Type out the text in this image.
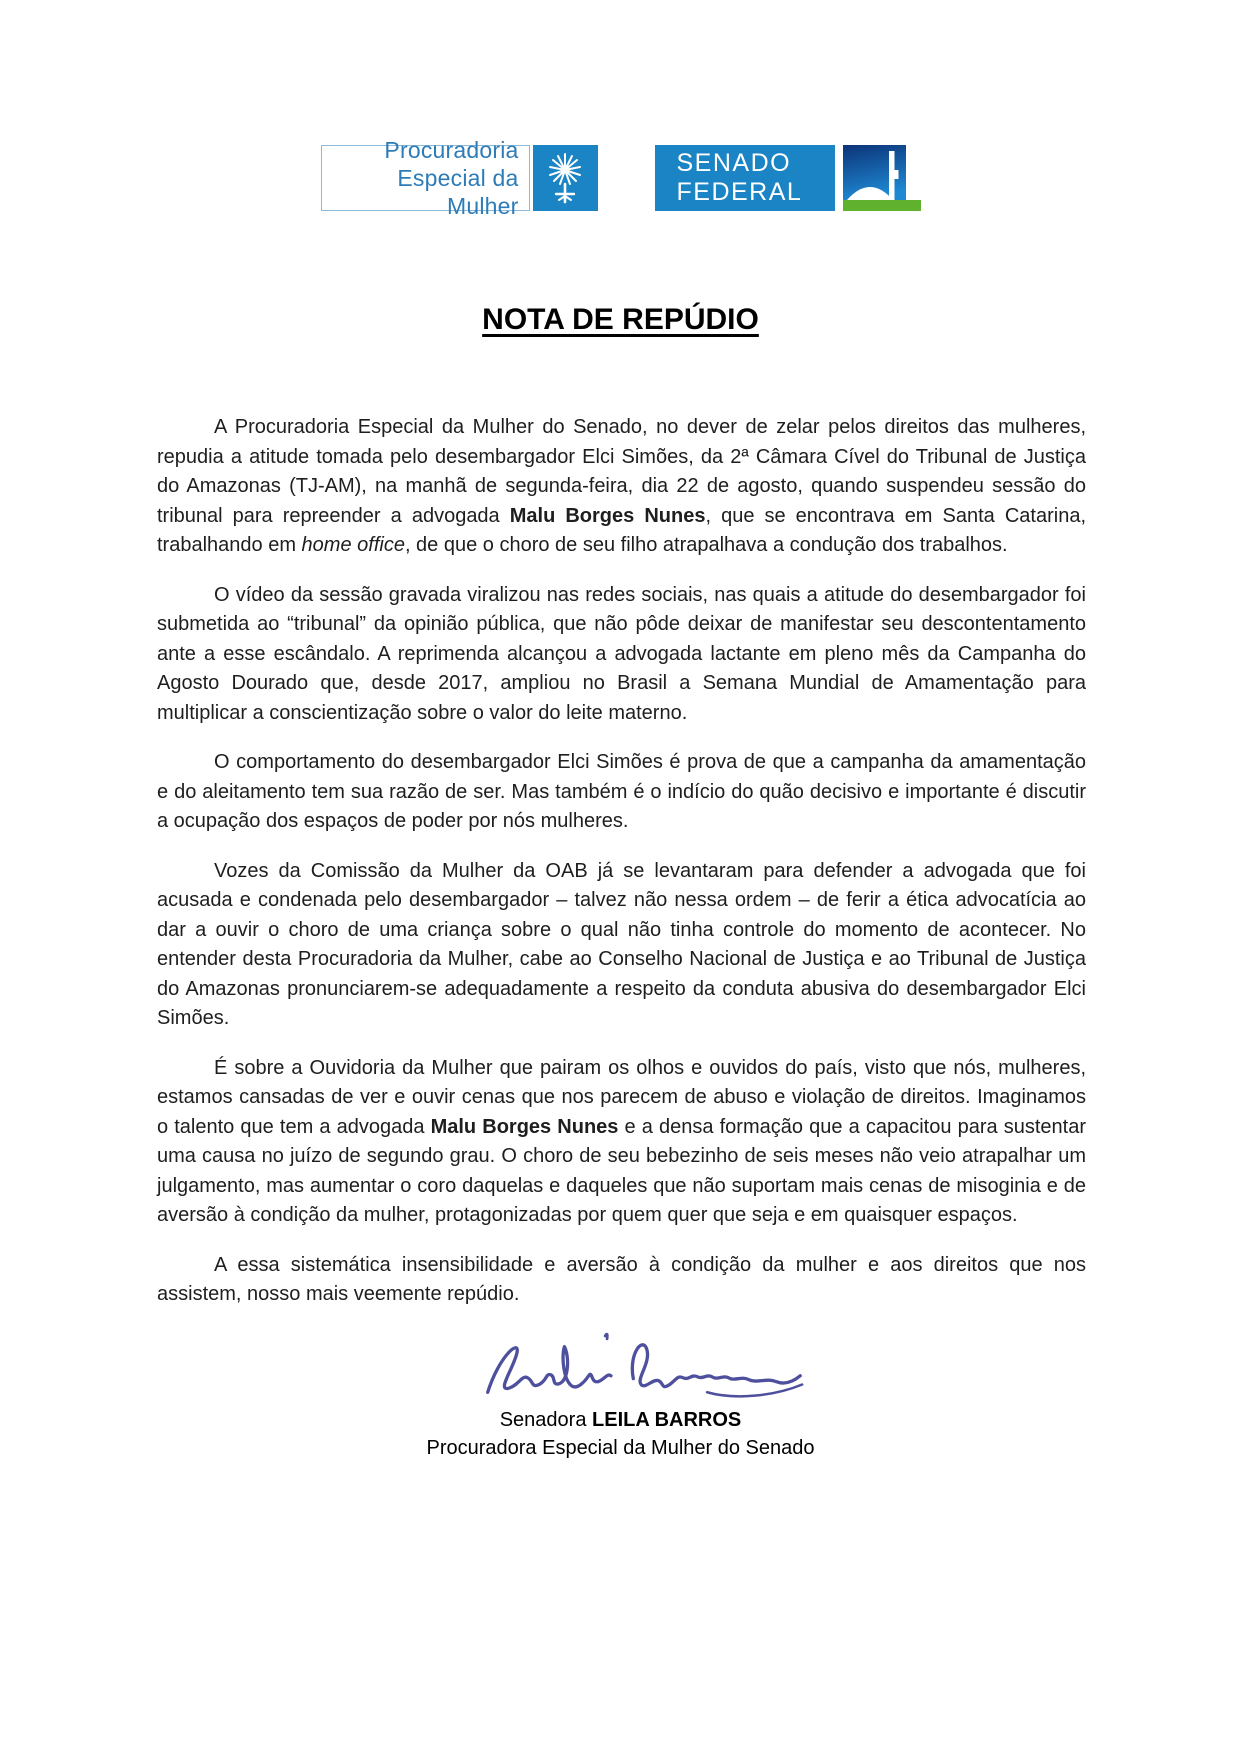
Procuradoria
Especial da Mulher
SENADO
FEDERAL
NOTA DE REPÚDIO

A Procuradoria Especial da Mulher do Senado, no dever de zelar pelos direitos das mulheres, repudia a atitude tomada pelo desembargador Elci Simões, da 2ª Câmara Cível do Tribunal de Justiça do Amazonas (TJ-AM), na manhã de segunda-feira, dia 22 de agosto, quando suspendeu sessão do tribunal para repreender a advogada Malu Borges Nunes, que se encontrava em Santa Catarina, trabalhando em home office, de que o choro de seu filho atrapalhava a condução dos trabalhos.

O vídeo da sessão gravada viralizou nas redes sociais, nas quais a atitude do desembargador foi submetida ao “tribunal” da opinião pública, que não pôde deixar de manifestar seu descontentamento ante a esse escândalo. A reprimenda alcançou a advogada lactante em pleno mês da Campanha do Agosto Dourado que, desde 2017, ampliou no Brasil a Semana Mundial de Amamentação para multiplicar a conscientização sobre o valor do leite materno.

O comportamento do desembargador Elci Simões é prova de que a campanha da amamentação e do aleitamento tem sua razão de ser. Mas também é o indício do quão decisivo e importante é discutir a ocupação dos espaços de poder por nós mulheres.

Vozes da Comissão da Mulher da OAB já se levantaram para defender a advogada que foi acusada e condenada pelo desembargador – talvez não nessa ordem – de ferir a ética advocatícia ao dar a ouvir o choro de uma criança sobre o qual não tinha controle do momento de acontecer. No entender desta Procuradoria da Mulher, cabe ao Conselho Nacional de Justiça e ao Tribunal de Justiça do Amazonas pronunciarem-se adequadamente a respeito da conduta abusiva do desembargador Elci Simões.

É sobre a Ouvidoria da Mulher que pairam os olhos e ouvidos do país, visto que nós, mulheres, estamos cansadas de ver e ouvir cenas que nos parecem de abuso e violação de direitos. Imaginamos o talento que tem a advogada Malu Borges Nunes e a densa formação que a capacitou para sustentar uma causa no juízo de segundo grau. O choro de seu bebezinho de seis meses não veio atrapalhar um julgamento, mas aumentar o coro daquelas e daqueles que não suportam mais cenas de misoginia e de aversão à condição da mulher, protagonizadas por quem quer que seja e em quaisquer espaços.

A essa sistemática insensibilidade e aversão à condição da mulher e aos direitos que nos assistem, nosso mais veemente repúdio.

Senadora LEILA BARROS
Procuradora Especial da Mulher do Senado
